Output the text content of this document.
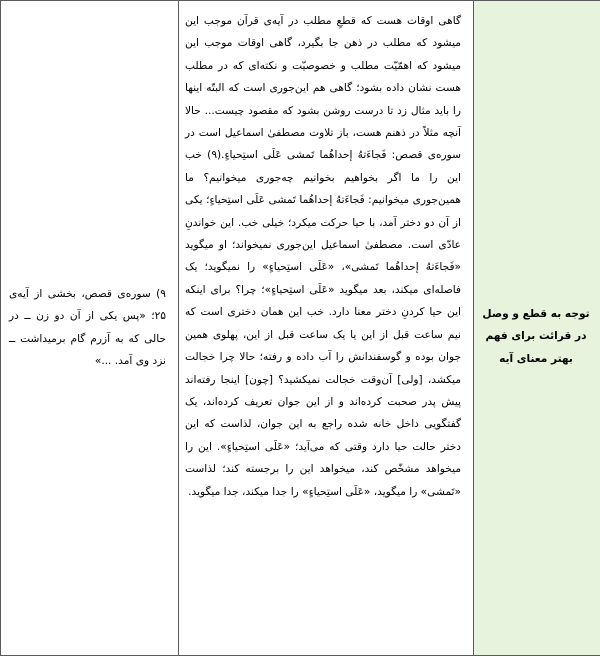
۹) سوره‌ی قصص، بخشی از آیه‌ی ۲۵؛ «پس یکی از آن دو زن ــ در حالی که به آزرم گام برمیداشت ــ نزد وی آمد. ...»

گاهی اوقات هست که قطعِ مطلب در آیه‌ی قرآن موجب این میشود که مطلب در ذهن جا بگیرد، گاهی اوقات موجب این میشود که اهمّیّت مطلب و خصوصیّت و نکته‌ای که در مطلب هست نشان داده بشود؛ گاهی هم این‌جوری است که البتّه اینها را باید مثال زد تا درست روشن بشود که مقصود چیست... حالا آنچه مثلاً در ذهنم هست، باز تلاوت مصطفیٰ اسماعیل است در سوره‌ی قصص: فَجاءَتهُ إحداهُما تَمشی عَلَی استِحیاءٍ.(۹) خب این را ما اگر بخواهیم بخوانیم چه‌جوری میخوانیم؟ ما همین‌جوری میخوانیم: فَجاءَتهُ إحداهُما تَمشی عَلَی استِحیاءٍ؛ یکی از آن دو دختر آمد، با حیا حرکت میکرد؛ خیلی خب. این خواندنِ عادّی است. مصطفیٰ اسماعیل این‌جوری نمیخواند؛ او میگوید «فَجاءَتهُ إحداهُما تَمشی»، «عَلَی استِحیاءٍ» را نمیگوید؛ یک فاصله‌ای میکند، بعد میگوید «عَلَی استِحیاءٍ»؛ چرا؟ برای اینکه این حیا کردنِ دختر معنا دارد. خب این همان دختری است که نیم ساعت قبل از این یا یک ساعت قبل از این، پهلوی همین جوان بوده و گوسفندانش را آب داده و رفته؛ حالا چرا خجالت میکشد، [ولی] آن‌وقت خجالت نمیکشید؟ [چون] اینجا رفته‌اند پیش پدر صحبت کرده‌اند و از این جوان تعریف کرده‌اند، یک گفتگویی داخل خانه شده راجع به این جوان، لذاست که این دختر حالت حیا دارد وقتی که می‌آید؛ «عَلَی استِحیاءٍ». این را میخواهد مشخّص کند، میخواهد این را برجسته کند؛ لذاست «تَمشی» را میگوید، «عَلَی استِحیاءٍ» را جدا میکند، جدا میگوید.

توجه به قطع و وصل در قرائت برای فهم بهتر معنای آیه
